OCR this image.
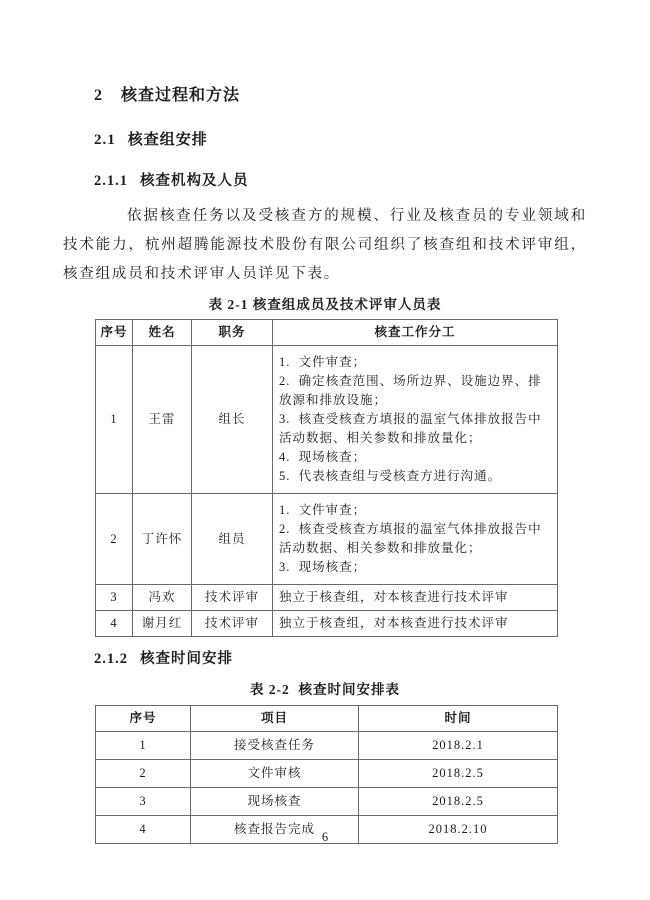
2 核查过程和方法
2.1 核查组安排
2.1.1 核查机构及人员

依据核查任务以及受核查方的规模、行业及核查员的专业领域和技术能力，杭州超腾能源技术股份有限公司组织了核查组和技术评审组，核查组成员和技术评审人员详见下表。

表 2-1 核查组成员及技术评审人员表
序号	姓名	职务	核查工作分工
1	王雷	组长	1.  文件审查；
2.  确定核查范围、场所边界、设施边界、排放源和排放设施；
3.  核查受核查方填报的温室气体排放报告中活动数据、相关参数和排放量化；
4.  现场核查；
5.  代表核查组与受核查方进行沟通。

2	丁许怀	组员	1.  文件审查；
2.  核查受核查方填报的温室气体排放报告中活动数据、相关参数和排放量化；
3.  现场核查；

3	冯欢	技术评审	独立于核查组，对本核查进行技术评审

4	谢月红	技术评审	独立于核查组，对本核查进行技术评审
2.1.2 核查时间安排
表 2-2  核查时间安排表
序号	项目	时间
1	接受核查任务	2018.2.1
2	文件审核	2018.2.5
3	现场核查	2018.2.5
4	核查报告完成	2018.2.10
6
